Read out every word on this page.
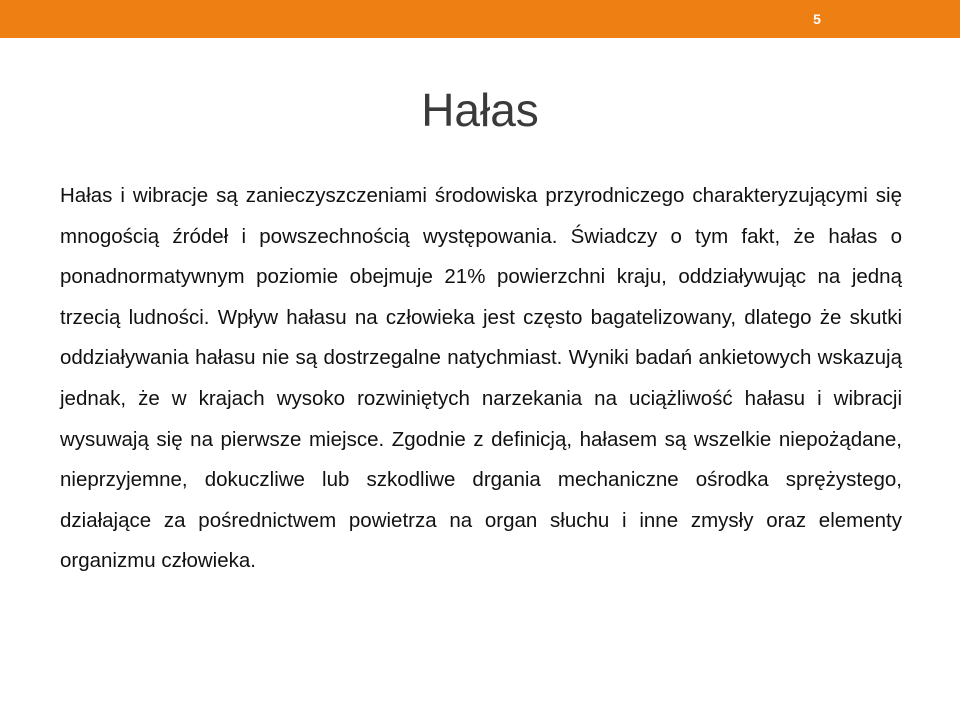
5
Hałas

Hałas i wibracje są zanieczyszczeniami środowiska przyrodniczego charakteryzującymi się mnogością źródeł i powszechnością występowania. Świadczy o tym fakt, że hałas o ponadnormatywnym poziomie obejmuje 21% powierzchni kraju, oddziaływując na jedną trzecią ludności. Wpływ hałasu na człowieka jest często bagatelizowany, dlatego że skutki oddziaływania hałasu nie są dostrzegalne natychmiast. Wyniki badań ankietowych wskazują jednak, że w krajach wysoko rozwiniętych narzekania na uciążliwość hałasu i wibracji wysuwają się na pierwsze miejsce. Zgodnie z definicją, hałasem są wszelkie niepożądane, nieprzyjemne, dokuczliwe lub szkodliwe drgania mechaniczne ośrodka sprężystego, działające za pośrednictwem powietrza na organ słuchu i inne zmysły oraz elementy organizmu człowieka.
